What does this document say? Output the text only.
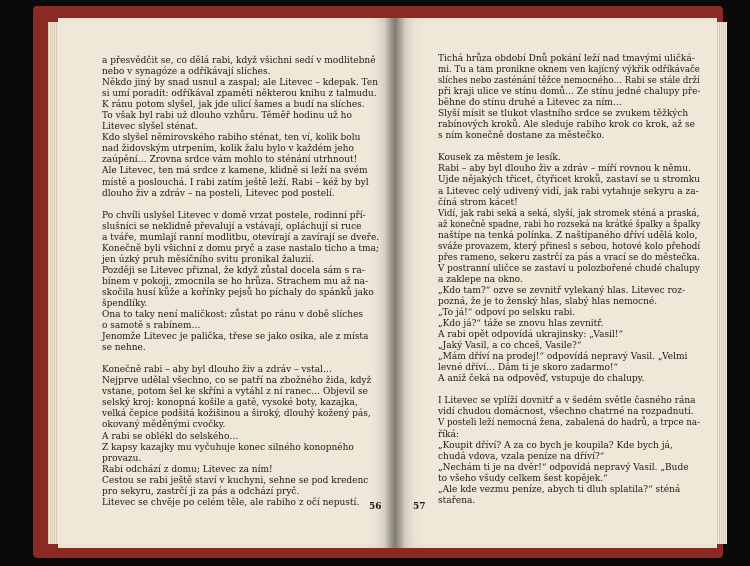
a přesvědčit se, co dělá rabi, když všichni sedí v modlitebně

nebo v synagóze a odříkávají slíches.

Někdo jiný by snad usnul a zaspal; ale Litevec – kdepak. Ten

si umí poradit: odříkával zpaměti některou knihu z talmudu.

K ránu potom slyšel, jak jde ulicí šames a budí na slíches.

To však byl rabi už dlouho vzhůru. Těměř hodinu už ho

Litevec slyšel sténat.

Kdo slyšel němirovského rabiho sténat, ten ví, kolik bolu

nad židovským utrpením, kolik žalu bylo v každém jeho

zaúpění… Zrovna srdce vám mohlo to sténání utrhnout!

Ale Litevec, ten má srdce z kamene, klidně si leží na svém

místě a poslouchá. I rabi zatím ještě leží. Rabi – kéž by byl

dlouho živ a zdráv – na posteli, Litevec pod postelí.

Po chvíli uslyšel Litevec v domě vrzat postele, rodinní pří-

slušníci se neklidně převalují a vstávají, opláchují si ruce

a tváře, mumlají ranní modlitbu, otevírají a zavírají se dveře.

Konečně byli všichni z domu pryč a zase nastalo ticho a tma;

jen úzký pruh měsíčního svitu pronikal žaluzií.

Později se Litevec přiznal, že když zůstal docela sám s ra-

bínem v pokoji, zmocnila se ho hrůza. Strachem mu až na-

skočila husí kůže a kořínky pejsů ho píchaly do spánků jako

špendlíky.

Ona to taky není maličkost: zůstat po ránu v době slíches

o samotě s rabínem…

Jenomže Litevec je palička, třese se jako osika, ale z místa

se nehne.

Konečně rabi – aby byl dlouho živ a zdráv – vstal…

Nejprve udělal všechno, co se patří na zbožného žida, když

vstane, potom šel ke skříni a vytáhl z ní ranec… Objevil se

selský kroj: konopná košile a gatě, vysoké boty, kazajka,

velká čepice podšitá kožišinou a široký, dlouhý kožený pás,

okovaný měděnými cvočky.

A rabi se oblékl do selského…

Z kapsy kazajky mu vyčuhuje konec silného konopného

provazu.

Rabi odchází z domu; Litevec za ním!

Cestou se rabi ještě staví v kuchyni, sehne se pod kredenc

pro sekyru, zastrčí ji za pás a odchází pryč.

Litevec se chvěje po celém těle, ale rabiho z očí nepustí.	56

Tichá hrůza období Dnů pokání leží nad tmavými uličká-

mi. Tu a tam pronikne oknem ven kajícný výkřik odříkávače

slíches nebo zasténání těžce nemocného… Rabi se stále drží

při kraji ulice ve stínu domů… Ze stínu jedné chalupy pře-

běhne do stínu druhé a Litevec za ním…

Slyší mísit se tlukot vlastního srdce se zvukem těžkých

rabínových kroků. Ale sleduje rabiho krok co krok, až se

s ním konečně dostane za městečko.

Kousek za městem je lesík.

Rabi – aby byl dlouho živ a zdráv – míří rovnou k němu.

Ujde nějakých třicet, čtyřicet kroků, zastaví se u stromku

a Litevec celý udivený vidí, jak rabi vytahuje sekyru a za-

číná strom kácet!

Vidí, jak rabi seká a seká, slyší, jak stromek sténá a praská,

až konečně spadne, rabi ho rozseká na krátké špalky a špalky

naštípe na tenká polínka. Z naštípaného dříví udělá kolo,

sváže provazem, který přinesl s sebou, hotové kolo přehodí

přes rameno, sekeru zastrčí za pás a vrací se do městečka.

V postranní uličce se zastaví u polozbořené chudé chalupy

a zaklepe na okno.

„Kdo tam?“ ozve se zevnitř vylekaný hlas. Litevec roz-

pozná, že je to ženský hlas, slabý hlas nemocné.

„To já!“ odpoví po selsku rabi.

„Kdo já?“ táže se znovu hlas zevnitř.

A rabi opět odpovídá ukrajinsky: „Vasil!“

„Jaký Vasil, a co chceš, Vasile?“

„Mám dříví na prodej!“ odpovídá nepravý Vasil. „Velmi

levné dříví… Dám ti je skoro zadarmo!“

A aniž čeká na odpověď, vstupuje do chalupy.

I Litevec se vplíží dovnitř a v šedém světle časného rána

vidí chudou domácnost, všechno chatrné na rozpadnutí.

V posteli leží nemocná žena, zabalená do hadrů, a trpce na-

říká:

„Koupit dříví? A za co bych je koupila? Kde bych já,

chudá vdova, vzala peníze na dříví?“

„Nechám ti je na dvěr!“ odpovídá nepravý Vasil. „Bude

to všeho všudy celkem šest kopějek.“

„Ale kde vezmu peníze, abych ti dluh splatila?“ sténá

stařena.

57
